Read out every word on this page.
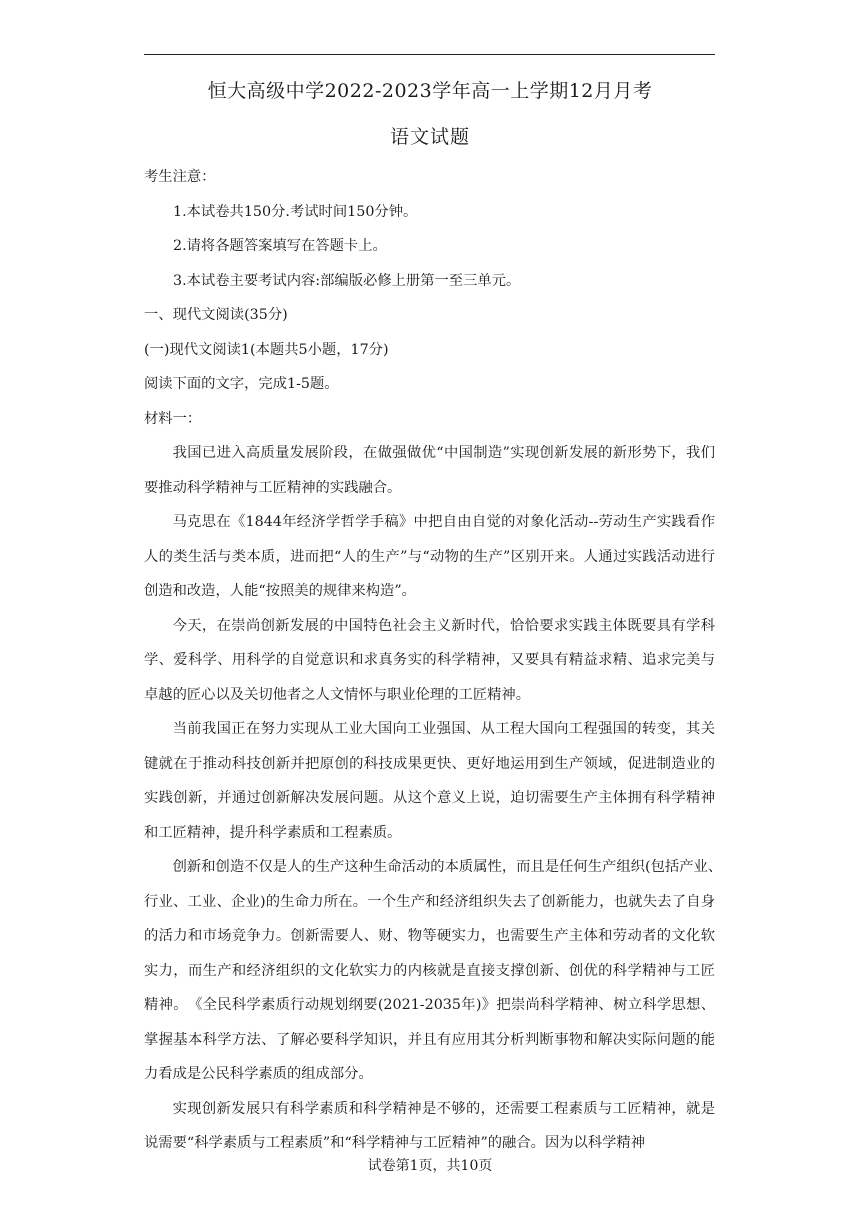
恒大高级中学2022-2023学年高一上学期12月月考
语文试题
考生注意：
1.本试卷共150分.考试时间150分钟。
2.请将各题答案填写在答题卡上。
3.本试卷主要考试内容:部编版必修上册第一至三单元。
一、现代文阅读(35分)
(一)现代文阅读1(本题共5小题，17分)
阅读下面的文字，完成1-5题。
材料一：

我国已进入高质量发展阶段，在做强做优“中国制造”实现创新发展的新形势下，我们要推动科学精神与工匠精神的实践融合。

马克思在《1844年经济学哲学手稿》中把自由自觉的对象化活动--劳动生产实践看作人的类生活与类本质，进而把“人的生产”与“动物的生产”区别开来。人通过实践活动进行创造和改造，人能“按照美的规律来构造”。

今天，在崇尚创新发展的中国特色社会主义新时代，恰恰要求实践主体既要具有学科学、爱科学、用科学的自觉意识和求真务实的科学精神，又要具有精益求精、追求完美与卓越的匠心以及关切他者之人文情怀与职业伦理的工匠精神。

当前我国正在努力实现从工业大国向工业强国、从工程大国向工程强国的转变，其关键就在于推动科技创新并把原创的科技成果更快、更好地运用到生产领域，促进制造业的实践创新，并通过创新解决发展问题。从这个意义上说，迫切需要生产主体拥有科学精神和工匠精神，提升科学素质和工程素质。

创新和创造不仅是人的生产这种生命活动的本质属性，而且是任何生产组织(包括产业、　行业、工业、企业)的生命力所在。一个生产和经济组织失去了创新能力，也就失去了自身的活力和市场竞争力。创新需要人、财、物等硬实力，也需要生产主体和劳动者的文化软实力，而生产和经济组织的文化软实力的内核就是直接支撑创新、创优的科学精神与工匠精神。　《全民科学素质行动规划纲要(2021-2035年)》把崇尚科学精神、树立科学思想、掌握基本科学方法、了解必要科学知识，并且有应用其分析判断事物和解决实际问题的能力看成是公民科学素质的组成部分。

实现创新发展只有科学素质和科学精神是不够的，还需要工程素质与工匠精神，就是说需要“科学素质与工程素质”和“科学精神与工匠精神”的融合。因为以科学精神

试卷第1页，共10页
